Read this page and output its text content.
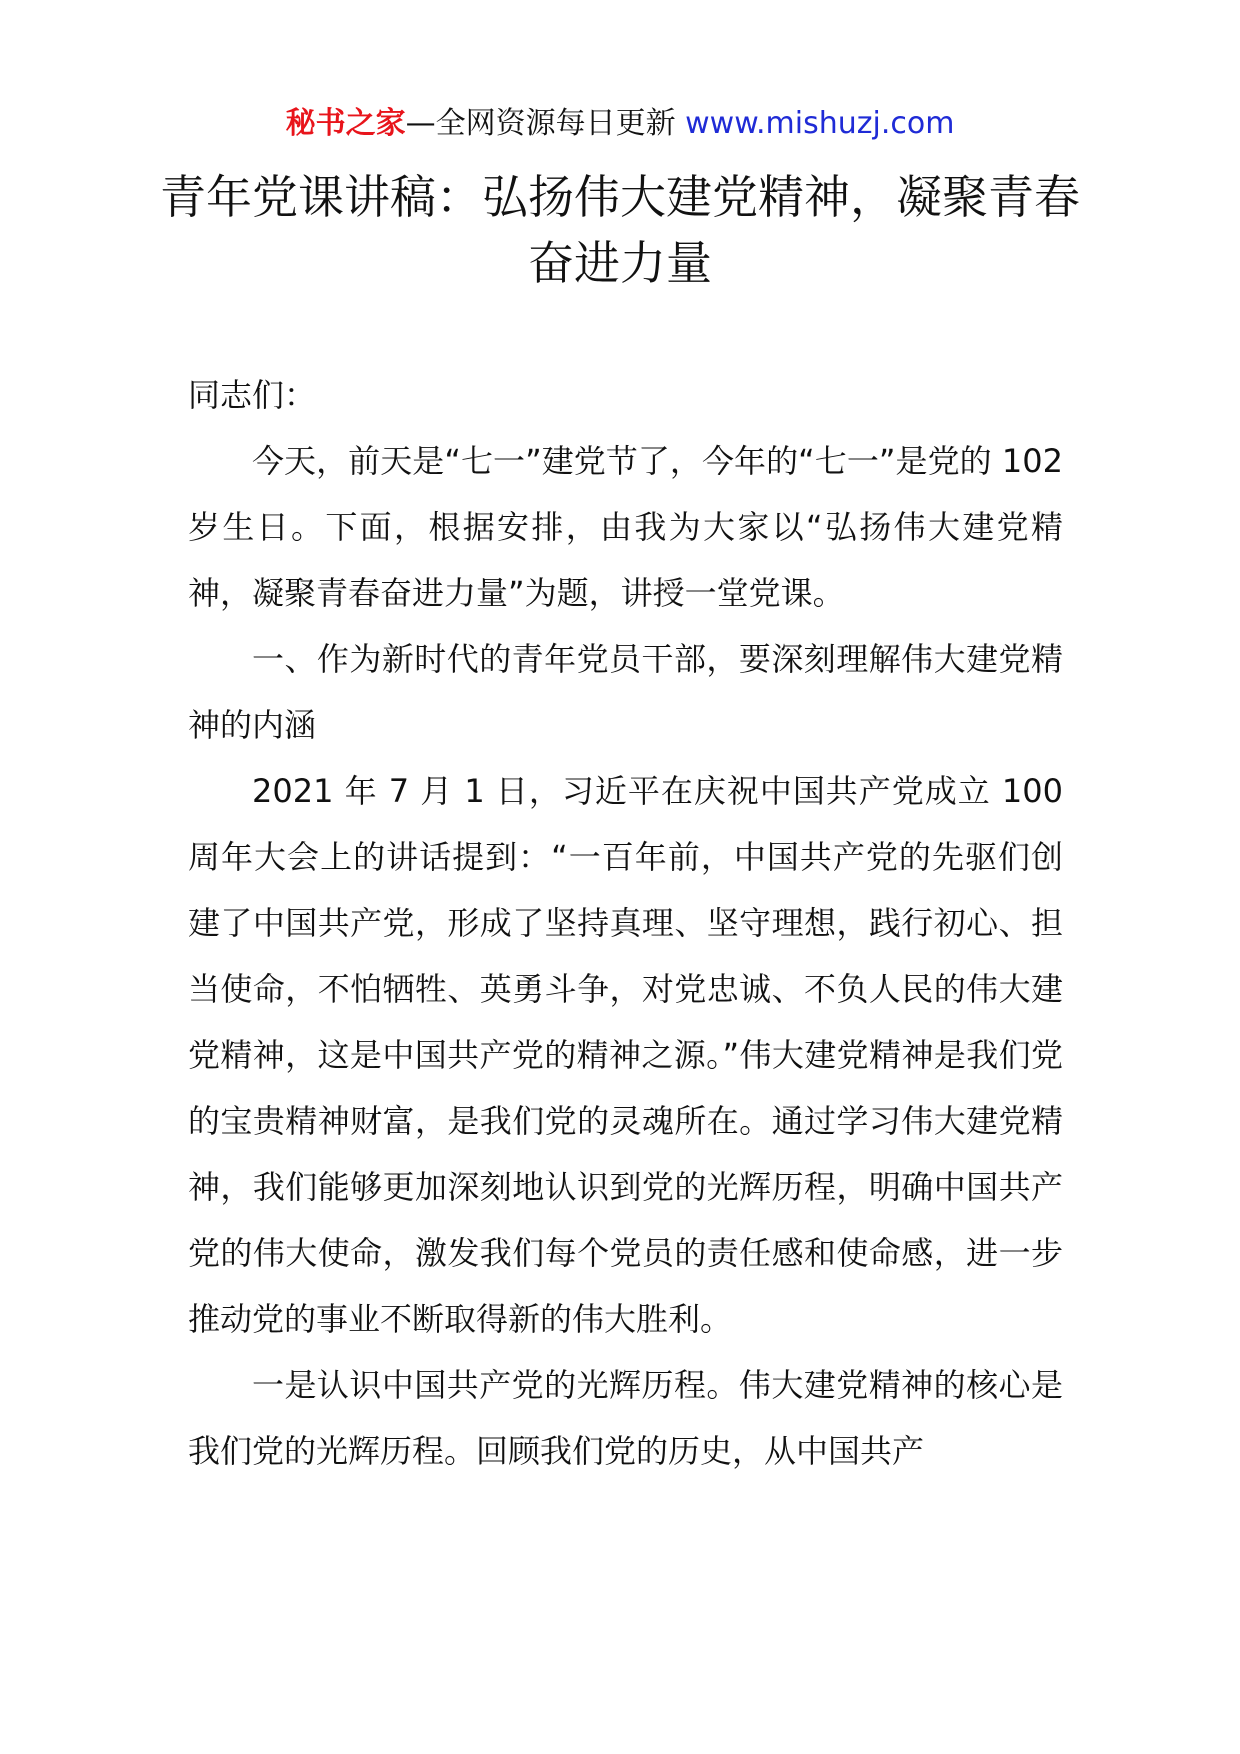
秘书之家—全网资源每日更新 www.mishuzj.com
青年党课讲稿：弘扬伟大建党精神，凝聚青春奋进力量

同志们：

今天，前天是“七一”建党节了，今年的“七一”是党的 102 岁生日。下面，根据安排，由我为大家以“弘扬伟大建党精神，凝聚青春奋进力量”为题，讲授一堂党课。

一、作为新时代的青年党员干部，要深刻理解伟大建党精神的内涵

2021 年 7 月 1 日，习近平在庆祝中国共产党成立 100 周年大会上的讲话提到：“一百年前，中国共产党的先驱们创建了中国共产党，形成了坚持真理、坚守理想，践行初心、担当使命，不怕牺牲、英勇斗争，对党忠诚、不负人民的伟大建党精神，这是中国共产党的精神之源。”伟大建党精神是我们党的宝贵精神财富，是我们党的灵魂所在。通过学习伟大建党精神，我们能够更加深刻地认识到党的光辉历程，明确中国共产党的伟大使命，激发我们每个党员的责任感和使命感，进一步推动党的事业不断取得新的伟大胜利。

一是认识中国共产党的光辉历程。伟大建党精神的核心是我们党的光辉历程。回顾我们党的历史，从中国共产
